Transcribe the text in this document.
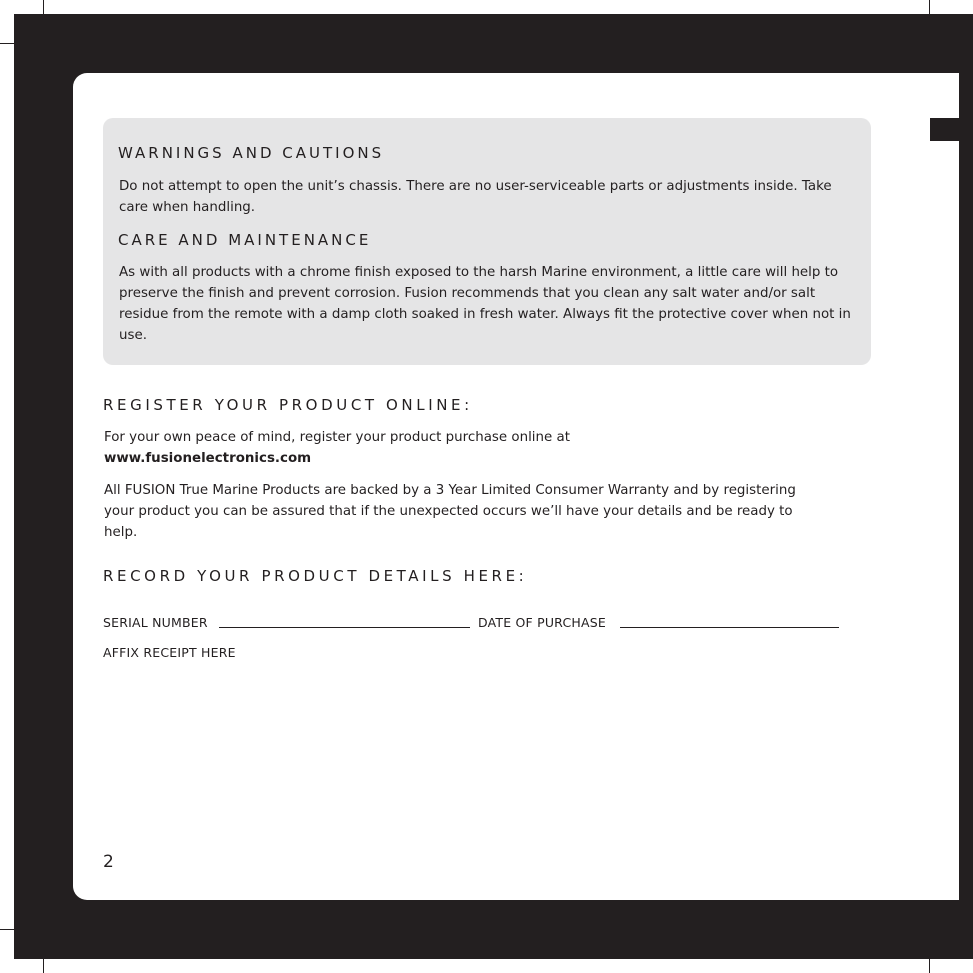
WARNINGS AND CAUTIONS

Do not attempt to open the unit’s chassis. There are no user-serviceable parts or adjustments inside. Take care when handling.

CARE AND MAINTENANCE

As with all products with a chrome finish exposed to the harsh Marine environment, a little care will help to preserve the finish and prevent corrosion. Fusion recommends that you clean any salt water and/or salt residue from the remote with a damp cloth soaked in fresh water. Always fit the protective cover when not in use.

REGISTER YOUR PRODUCT ONLINE:

For your own peace of mind, register your product purchase online at
www.fusionelectronics.com

All FUSION True Marine Products are backed by a 3 Year Limited Consumer Warranty and by registering your product you can be assured that if the unexpected occurs we’ll have your details and be ready to help.

RECORD YOUR PRODUCT DETAILS HERE:
SERIAL NUMBER	DATE OF PURCHASE
AFFIX RECEIPT HERE
2
